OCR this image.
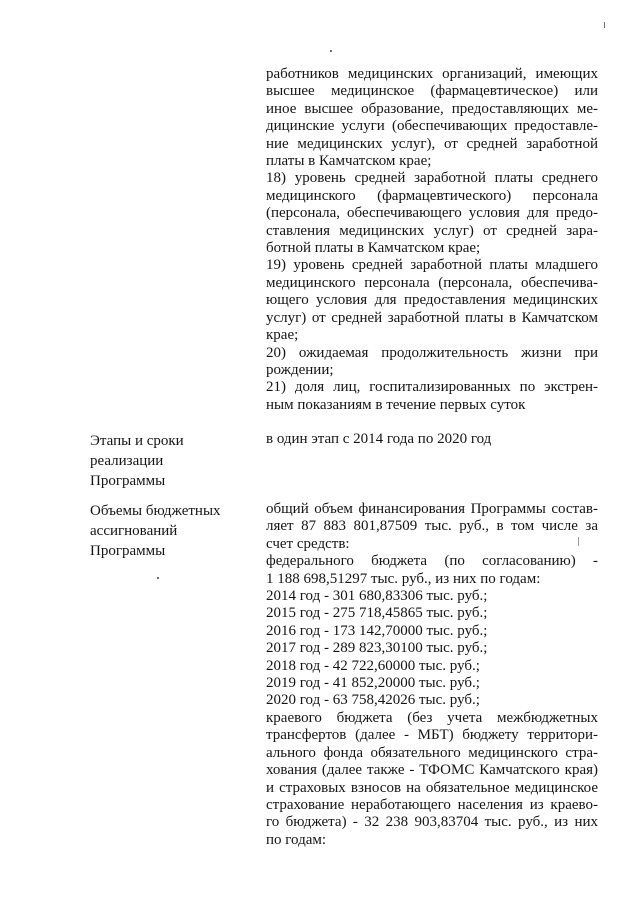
работников медицинских организаций, имеющих
высшее медицинское (фармацевтическое) или
иное высшее образование, предоставляющих ме-
дицинские услуги (обеспечивающих предоставле-
ние медицинских услуг), от средней заработной
платы в Камчатском крае;
18) уровень средней заработной платы среднего
медицинского (фармацевтического) персонала
(персонала, обеспечивающего условия для предо-
ставления медицинских услуг) от средней зара-
ботной платы в Камчатском крае;
19) уровень средней заработной платы младшего
медицинского персонала (персонала, обеспечива-
ющего условия для предоставления медицинских
услуг) от средней заработной платы в Камчатском
крае;
20) ожидаемая продолжительность жизни при
рождении;
21) доля лиц, госпитализированных по экстрен-
ным показаниям в течение первых суток
Этапы и сроки
реализации
Программы
в один этап с 2014 года по 2020 год
Объемы бюджетных
ассигнований
Программы
общий объем финансирования Программы состав-
ляет 87 883 801,87509 тыс. руб., в том числе за
счет средств:
федерального бюджета (по согласованию) -
1 188 698,51297 тыс. руб., из них по годам:
2014 год - 301 680,83306 тыс. руб.;
2015 год - 275 718,45865 тыс. руб.;
2016 год - 173 142,70000 тыс. руб.;
2017 год - 289 823,30100 тыс. руб.;
2018 год - 42 722,60000 тыс. руб.;
2019 год - 41 852,20000 тыс. руб.;
2020 год - 63 758,42026 тыс. руб.;
краевого бюджета (без учета межбюджетных
трансфертов (далее - МБТ) бюджету территори-
ального фонда обязательного медицинского стра-
хования (далее также - ТФОМС Камчатского края)
и страховых взносов на обязательное медицинское
страхование неработающего населения из краево-
го бюджета) - 32 238 903,83704 тыс. руб., из них
по годам:
